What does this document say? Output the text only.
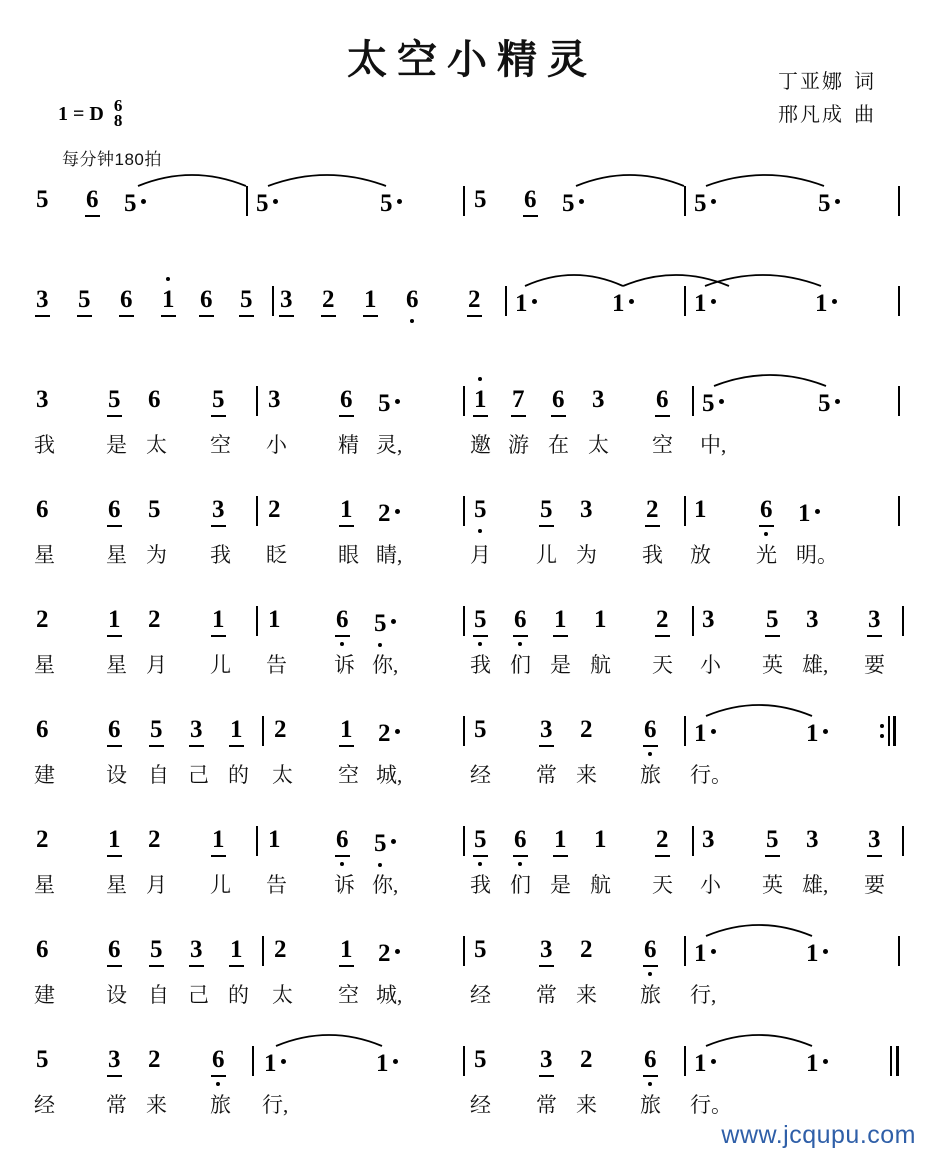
太空小精灵	丁亚娜 词
邢凡成 曲
1 = D 6
8
每分钟180拍
5 6 5	5	5	5 6 5	5	5
3 5 6 1 6 5 3 2 1 6 2 1	1	1	1
3 5 6 5 3 6 5	1 7 6 3 6 5	5
我 是 太 空 小 精 灵,	邀 游 在 太 空 中,
6 6 5 3 2 1 2	5 5 3 2 1 6 1
星 星 为 我 眨 眼 睛,	月 儿 为 我 放 光 明。
2 1 2 1 1 6 5	5 6 1 1 2 3 5 3 3
星 星 月 儿 告 诉 你,	我 们 是 航 天 小 英 雄, 要
6 6 5 3 1 2 1 2	5 3 2 6 1	1
建 设 自 己 的 太 空 城,	经 常 来 旅 行。
2 1 2 1 1 6 5	5 6 1 1 2 3 5 3 3
星 星 月 儿 告 诉 你,	我 们 是 航 天 小 英 雄, 要
6 6 5 3 1 2 1 2	5 3 2 6 1	1
建 设 自 己 的 太 空 城,	经 常 来 旅 行,
5 3 2 6 1	1	5 3 2 6 1	1
经 常 来 旅 行,	经 常 来 旅 行。
www.jcqupu.com
